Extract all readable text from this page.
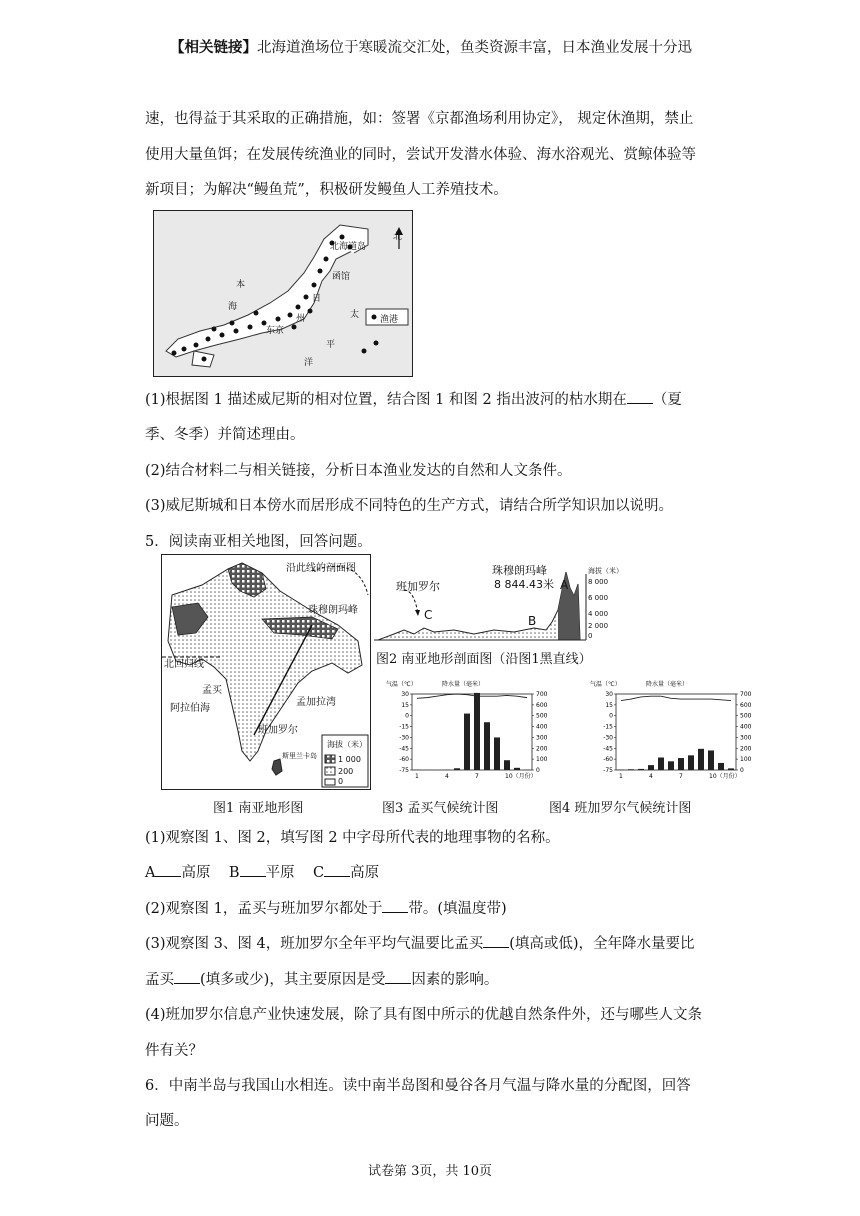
【相关链接】北海道渔场位于寒暖流交汇处，鱼类资源丰富，日本渔业发展十分迅
速，也得益于其采取的正确措施，如：签署《京都渔场利用协定》， 规定休渔期，禁止
使用大量鱼饵；在发展传统渔业的同时，尝试开发潜水体验、海水浴观光、赏鲸体验等
新项目；为解决“鳗鱼荒”，积极研发鳗鱼人工养殖技术。
北海道岛
函馆
日
本
海
州
东京
太
平
洋
北
渔港
(1)根据图 1 描述威尼斯的相对位置，结合图 1 和图 2 指出波河的枯水期在 （夏
季、冬季）并简述理由。
(2)结合材料二与相关链接，分析日本渔业发达的自然和人文条件。
(3)威尼斯城和日本傍水而居形成不同特色的生产方式，请结合所学知识加以说明。
5．阅读南亚相关地图，回答问题。
沿此线的剖面图
珠穆朗玛峰
北回归线
孟买
阿拉伯海
孟加拉湾
班加罗尔
斯里兰卡岛
海拔（米）
1 000
200
0
班加罗尔
珠穆朗玛峰
8 844.43米
海拔（米）
8 000
6 000
4 000
2 000
0
A
B
C
图2 南亚地形剖面图（沿图1黑直线）
气温（℃）	降水量（毫米）
30
15
0
-15
-30
-45
-60
-75
700
600
500
400
300
200
100
0
1	4	7	10（月份）
气温（℃）	降水量（毫米）
30
15
0
-15
-30
-45
-60
-75
700
600
500
400
300
200
100
0
1	4	7	10（月份）
图1 南亚地形图	图3 孟买气候统计图	图4 班加罗尔气候统计图
(1)观察图 1、图 2，填写图 2 中字母所代表的地理事物的名称。
A 高原 B 平原 C 高原
(2)观察图 1，孟买与班加罗尔都处于 带。(填温度带)
(3)观察图 3、图 4，班加罗尔全年平均气温要比孟买 (填高或低)，全年降水量要比
孟买 (填多或少)，其主要原因是受 因素的影响。
(4)班加罗尔信息产业快速发展，除了具有图中所示的优越自然条件外，还与哪些人文条
件有关？
6．中南半岛与我国山水相连。读中南半岛图和曼谷各月气温与降水量的分配图，回答
问题。
试卷第 3页，共 10页
